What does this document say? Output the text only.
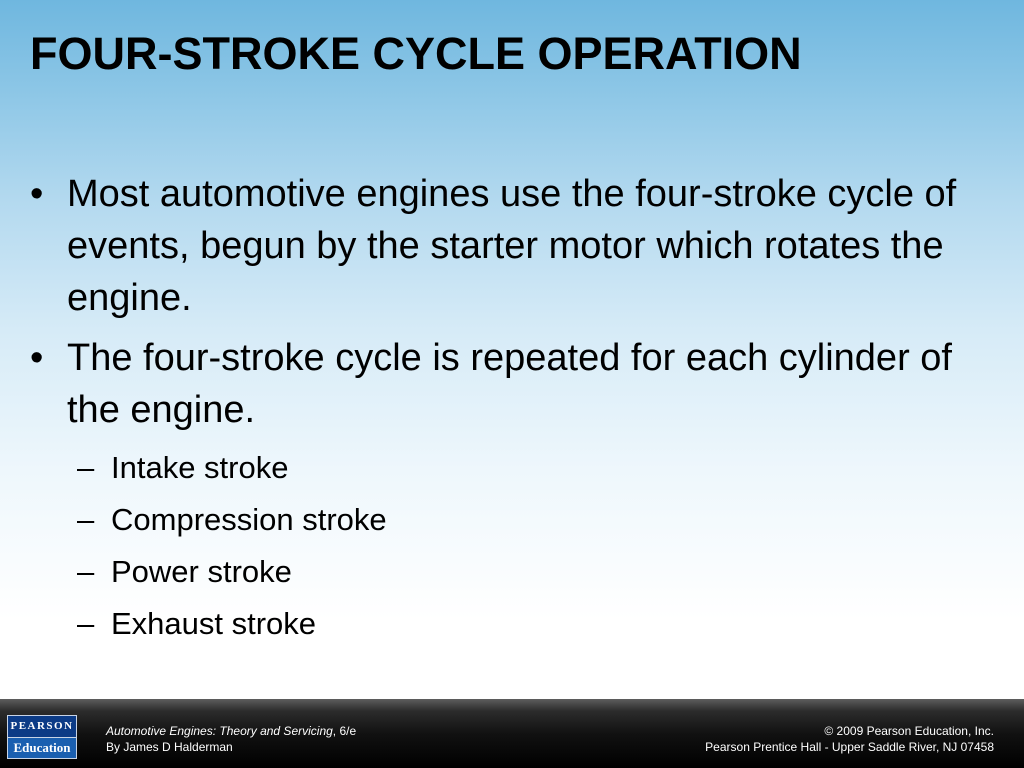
FOUR-STROKE CYCLE OPERATION
• Most automotive engines use the four-stroke cycle of events, begun by the starter motor which rotates the engine.
• The four-stroke cycle is repeated for each cylinder of the engine.
– Intake stroke
– Compression stroke
– Power stroke
– Exhaust stroke
PEARSON
Education
Automotive Engines: Theory and Servicing, 6/e
By James D Halderman
© 2009 Pearson Education, Inc.
Pearson Prentice Hall - Upper Saddle River, NJ 07458
